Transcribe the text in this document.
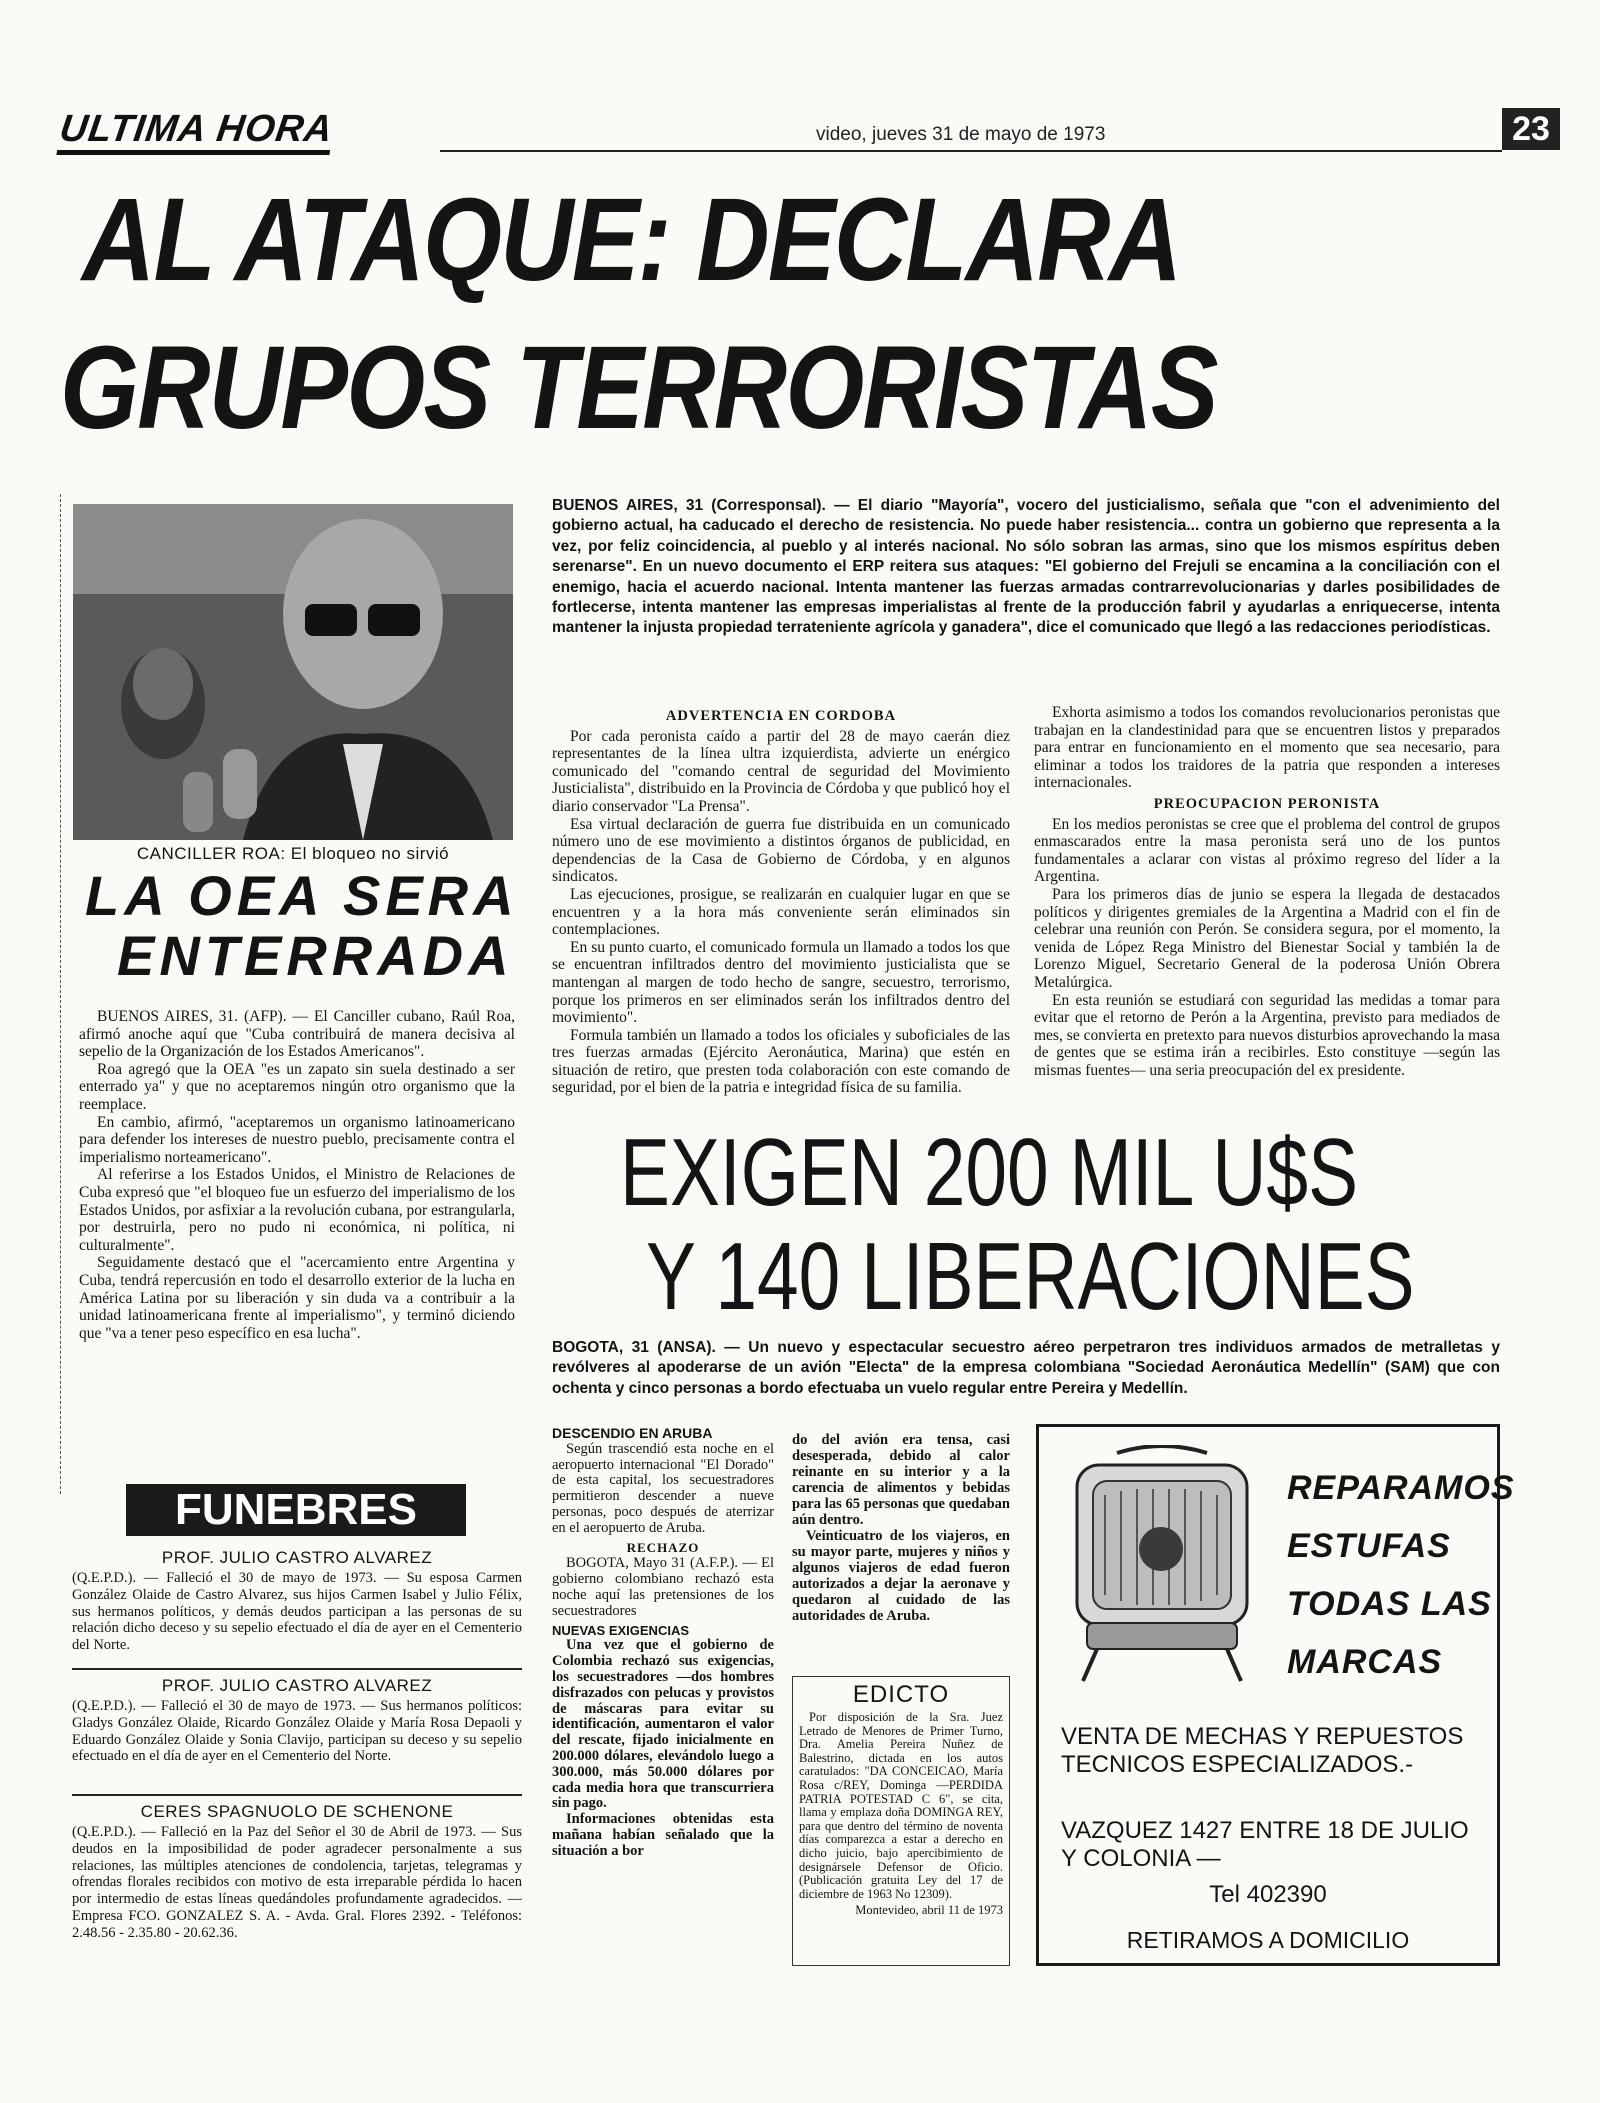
ULTIMA HORA	video, jueves 31 de mayo de 1973	23
AL ATAQUE: DECLARA
GRUPOS TERRORISTAS
CANCILLER ROA: El bloqueo no sirvió
LA OEA SERA
ENTERRADA

BUENOS AIRES, 31. (AFP). — El Canciller cubano, Raúl Roa, afirmó anoche aquí que "Cuba contribuirá de manera decisiva al sepelio de la Organización de los Estados Americanos".

Roa agregó que la OEA "es un zapato sin suela destinado a ser enterrado ya" y que no aceptaremos ningún otro organismo que la reemplace.

En cambio, afirmó, "aceptaremos un organismo latinoamericano para defender los intereses de nuestro pueblo, precisamente contra el imperialismo norteamericano".

Al referirse a los Estados Unidos, el Ministro de Relaciones de Cuba expresó que "el bloqueo fue un esfuerzo del imperialismo de los Estados Unidos, por asfixiar a la revolución cubana, por estrangularla, por destruirla, pero no pudo ni económica, ni política, ni culturalmente".

Seguidamente destacó que el "acercamiento entre Argentina y Cuba, tendrá repercusión en todo el desarrollo exterior de la lucha en América Latina por su liberación y sin duda va a contribuir a la unidad latinoamericana frente al imperialismo", y terminó diciendo que "va a tener peso específico en esa lucha".

FUNEBRES
PROF. JULIO CASTRO ALVAREZ
(Q.E.P.D.). — Falleció el 30 de mayo de 1973. — Su esposa Carmen González Olaide de Castro Alvarez, sus hijos Carmen Isabel y Julio Félix, sus hermanos políticos, y demás deudos participan a las personas de su relación dicho deceso y su sepelio efectuado el día de ayer en el Cementerio del Norte.
PROF. JULIO CASTRO ALVAREZ
(Q.E.P.D.). — Falleció el 30 de mayo de 1973. — Sus hermanos políticos: Gladys González Olaide, Ricardo González Olaide y María Rosa Depaoli y Eduardo González Olaide y Sonia Clavijo, participan su deceso y su sepelio efectuado en el día de ayer en el Cementerio del Norte.
CERES SPAGNUOLO DE SCHENONE
(Q.E.P.D.). — Falleció en la Paz del Señor el 30 de Abril de 1973. — Sus deudos en la imposibilidad de poder agradecer personalmente a sus relaciones, las múltiples atenciones de condolencia, tarjetas, telegramas y ofrendas florales recibidos con motivo de esta irreparable pérdida lo hacen por intermedio de estas líneas quedándoles profundamente agradecidos. — Empresa FCO. GONZALEZ S. A. - Avda. Gral. Flores 2392. - Teléfonos: 2.48.56 - 2.35.80 - 20.62.36.
BUENOS AIRES, 31 (Corresponsal). — El diario "Mayoría", vocero del justicialismo, señala que "con el advenimiento del gobierno actual, ha caducado el derecho de resistencia. No puede haber resistencia... contra un gobierno que representa a la vez, por feliz coincidencia, al pueblo y al interés nacional. No sólo sobran las armas, sino que los mismos espíritus deben serenarse". En un nuevo documento el ERP reitera sus ataques: "El gobierno del Frejuli se encamina a la conciliación con el enemigo, hacia el acuerdo nacional. Intenta mantener las fuerzas armadas contrarrevolucionarias y darles posibilidades de fortlecerse, intenta mantener las empresas imperialistas al frente de la producción fabril y ayudarlas a enriquecerse, intenta mantener la injusta propiedad terrateniente agrícola y ganadera", dice el comunicado que llegó a las redacciones periodísticas.
ADVERTENCIA EN CORDOBA

Por cada peronista caído a partir del 28 de mayo caerán diez representantes de la línea ultra izquierdista, advierte un enérgico comunicado del "comando central de seguridad del Movimiento Justicialista", distribuido en la Provincia de Córdoba y que publicó hoy el diario conservador "La Prensa".

Esa virtual declaración de guerra fue distribuida en un comunicado número uno de ese movimiento a distintos órganos de publicidad, en dependencias de la Casa de Gobierno de Córdoba, y en algunos sindicatos.

Las ejecuciones, prosigue, se realizarán en cualquier lugar en que se encuentren y a la hora más conveniente serán eliminados sin contemplaciones.

En su punto cuarto, el comunicado formula un llamado a todos los que se encuentran infiltrados dentro del movimiento justicialista que se mantengan al margen de todo hecho de sangre, secuestro, terrorismo, porque los primeros en ser eliminados serán los infiltrados dentro del movimiento".

Formula también un llamado a todos los oficiales y suboficiales de las tres fuerzas armadas (Ejército Aeronáutica, Marina) que estén en situación de retiro, que presten toda colaboración con este comando de seguridad, por el bien de la patria e integridad física de su familia.

Exhorta asimismo a todos los comandos revolucionarios peronistas que trabajan en la clandestinidad para que se encuentren listos y preparados para entrar en funcionamiento en el momento que sea necesario, para eliminar a todos los traidores de la patria que responden a intereses internacionales.

PREOCUPACION PERONISTA

En los medios peronistas se cree que el problema del control de grupos enmascarados entre la masa peronista será uno de los puntos fundamentales a aclarar con vistas al próximo regreso del líder a la Argentina.

Para los primeros días de junio se espera la llegada de destacados políticos y dirigentes gremiales de la Argentina a Madrid con el fin de celebrar una reunión con Perón. Se considera segura, por el momento, la venida de López Rega Ministro del Bienestar Social y también la de Lorenzo Miguel, Secretario General de la poderosa Unión Obrera Metalúrgica.

En esta reunión se estudiará con seguridad las medidas a tomar para evitar que el retorno de Perón a la Argentina, previsto para mediados de mes, se convierta en pretexto para nuevos disturbios aprovechando la masa de gentes que se estima irán a recibirles. Esto constituye —según las mismas fuentes— una seria preocupación del ex presidente.

EXIGEN 200 MIL U$S
Y 140 LIBERACIONES
BOGOTA, 31 (ANSA). — Un nuevo y espectacular secuestro aéreo perpetraron tres individuos armados de metralletas y revólveres al apoderarse de un avión "Electa" de la empresa colombiana "Sociedad Aeronáutica Medellín" (SAM) que con ochenta y cinco personas a bordo efectuaba un vuelo regular entre Pereira y Medellín.
DESCENDIO EN ARUBA
Según trascendió esta noche en el aeropuerto internacional "El Dorado" de esta capital, los secuestradores permitieron descender a nueve personas, poco después de aterrizar en el aeropuerto de Aruba.
RECHAZO
BOGOTA, Mayo 31 (A.F.P.). — El gobierno colombiano rechazó esta noche aquí las pretensiones de los secuestradores
NUEVAS EXIGENCIAS
Una vez que el gobierno de Colombia rechazó sus exigencias, los secuestradores —dos hombres disfrazados con pelucas y provistos de máscaras para evitar su identificación, aumentaron el valor del rescate, fijado inicialmente en 200.000 dólares, elevándolo luego a 300.000, más 50.000 dólares por cada media hora que transcurriera sin pago.
Informaciones obtenidas esta mañana habían señalado que la situación a bor
do del avión era tensa, casi desesperada, debido al calor reinante en su interior y a la carencia de alimentos y bebidas para las 65 personas que quedaban aún dentro.
Veinticuatro de los viajeros, en su mayor parte, mujeres y niños y algunos viajeros de edad fueron autorizados a dejar la aeronave y quedaron al cuidado de las autoridades de Aruba.
EDICTO
Por disposición de la Sra. Juez Letrado de Menores de Primer Turno, Dra. Amelia Pereira Nuñez de Balestrino, dictada en los autos caratulados: "DA CONCEICAO, María Rosa c/REY, Dominga —PERDIDA PATRIA POTESTAD C 6", se cita, llama y emplaza doña DOMINGA REY, para que dentro del término de noventa días comparezca a estar a derecho en dicho juicio, bajo apercibimiento de designársele Defensor de Oficio. (Publicación gratuita Ley del 17 de diciembre de 1963 No 12309).
Montevideo, abril 11 de 1973
REPARAMOS
ESTUFAS
TODAS LAS
MARCAS
VENTA DE MECHAS Y REPUESTOS TECNICOS ESPECIALIZADOS.-
VAZQUEZ 1427 ENTRE 18 DE JULIO Y COLONIA —
Tel 402390
RETIRAMOS A DOMICILIO
